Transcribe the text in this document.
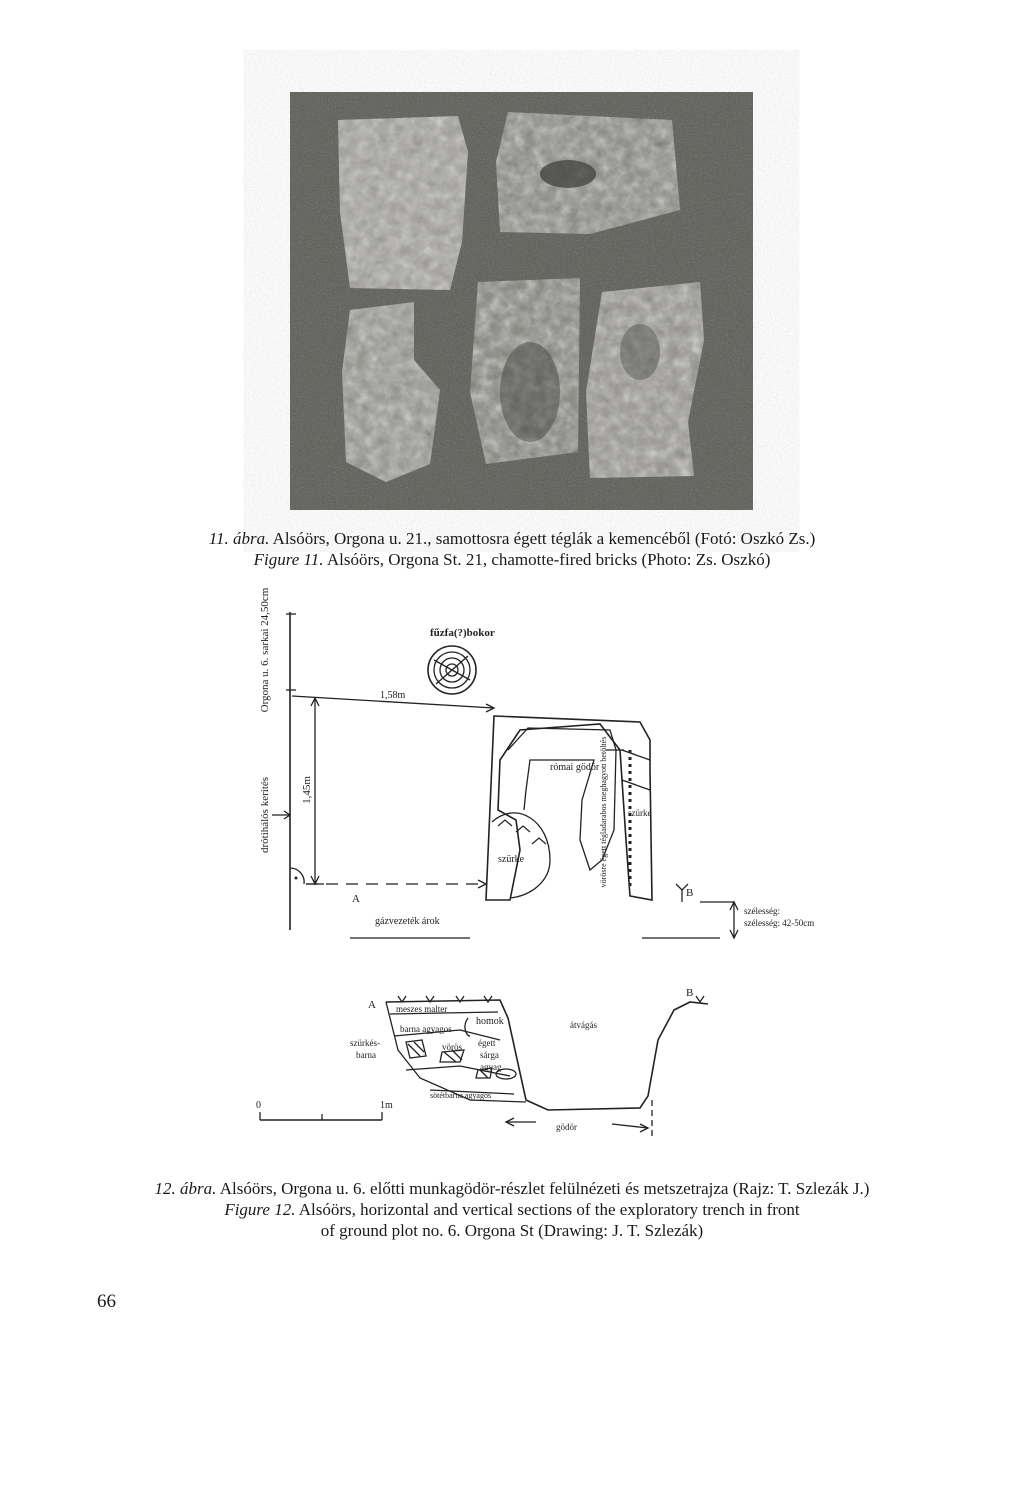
11. ábra. Alsóörs, Orgona u. 21., samottosra égett téglák a kemencéből (Fotó: Oszkó Zs.)
Figure 11. Alsóörs, Orgona St. 21, chamotte-fired bricks (Photo: Zs. Oszkó)
Orgona u. 6. sarkai 24,50cm
drótihálós kerítés
1,58m
1,45m
A
fűzfa(?)bokor
római gödör
szürke
szürke
vörösre égett tégladarabos meghagyott betöltés
B
szélesség:
szélesség: 42-50cm
gázvezeték árok
A
B
meszes malter
barna agyagos
homok
szürkés-
barna
vörös égett
sárga
agyag
sötétbarna agyagos
átvágás
0	1m
gödör
12. ábra. Alsóörs, Orgona u. 6. előtti munkagödör-részlet felülnézeti és metszetrajza (Rajz: T. Szlezák J.)
Figure 12. Alsóörs, horizontal and vertical sections of the exploratory trench in front
of ground plot no. 6. Orgona St (Drawing: J. T. Szlezák)
66
